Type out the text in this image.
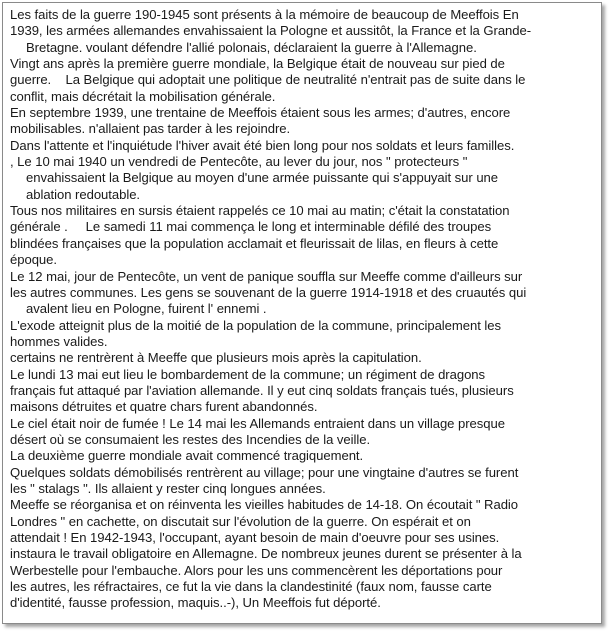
Les faits de la guerre 190-1945 sont présents à la mémoire de beaucoup de Meeffois En
1939, les armées allemandes envahissaient la Pologne et aussitôt, la France et la Grande-
Bretagne. voulant défendre l'allié polonais, déclaraient la guerre à l'Allemagne.
Vingt ans après la première guerre mondiale, la Belgique était de nouveau sur pied de
guerre.    La Belgique qui adoptait une politique de neutralité n'entrait pas de suite dans le
conflit, mais décrétait la mobilisation générale.
En septembre 1939, une trentaine de Meeffois étaient sous les armes; d'autres, encore
mobilisables. n'allaient pas tarder à les rejoindre.
Dans l'attente et l'inquiétude l'hiver avait été bien long pour nos soldats et leurs familles.
, Le 10 mai 1940 un vendredi de Pentecôte, au lever du jour, nos " protecteurs "
envahissaient la Belgique au moyen d'une armée puissante qui s'appuyait sur une
ablation redoutable.
Tous nos militaires en sursis étaient rappelés ce 10 mai au matin; c'était la constatation
générale .     Le samedi 11 mai commença le long et interminable défilé des troupes
blindées françaises que la population acclamait et fleurissait de lilas, en fleurs à cette
époque.
Le 12 mai, jour de Pentecôte, un vent de panique souffla sur Meeffe comme d'ailleurs sur
les autres communes. Les gens se souvenant de la guerre 1914-1918 et des cruautés qui
avalent lieu en Pologne, fuirent l' ennemi .
L'exode atteignit plus de la moitié de la population de la commune, principalement les
hommes valides.
certains ne rentrèrent à Meeffe que plusieurs mois après la capitulation.
Le lundi 13 mai eut lieu le bombardement de la commune; un régiment de dragons
français fut attaqué par l'aviation allemande. Il y eut cinq soldats français tués, plusieurs
maisons détruites et quatre chars furent abandonnés.
Le ciel était noir de fumée ! Le 14 mai les Allemands entraient dans un village presque
désert où se consumaient les restes des Incendies de la veille.
La deuxième guerre mondiale avait commencé tragiquement.
Quelques soldats démobilisés rentrèrent au village; pour une vingtaine d'autres se furent
les " stalags ". Ils allaient y rester cinq longues années.
Meeffe se réorganisa et on réinventa les vieilles habitudes de 14-18. On écoutait " Radio
Londres " en cachette, on discutait sur l'évolution de la guerre. On espérait et on
attendait ! En 1942-1943, l'occupant, ayant besoin de main d'oeuvre pour ses usines.
instaura le travail obligatoire en Allemagne. De nombreux jeunes durent se présenter à la
Werbestelle pour l'embauche. Alors pour les uns commencèrent les déportations pour
les autres, les réfractaires, ce fut la vie dans la clandestinité (faux nom, fausse carte
d'identité, fausse profession, maquis..-), Un Meeffois fut déporté.
